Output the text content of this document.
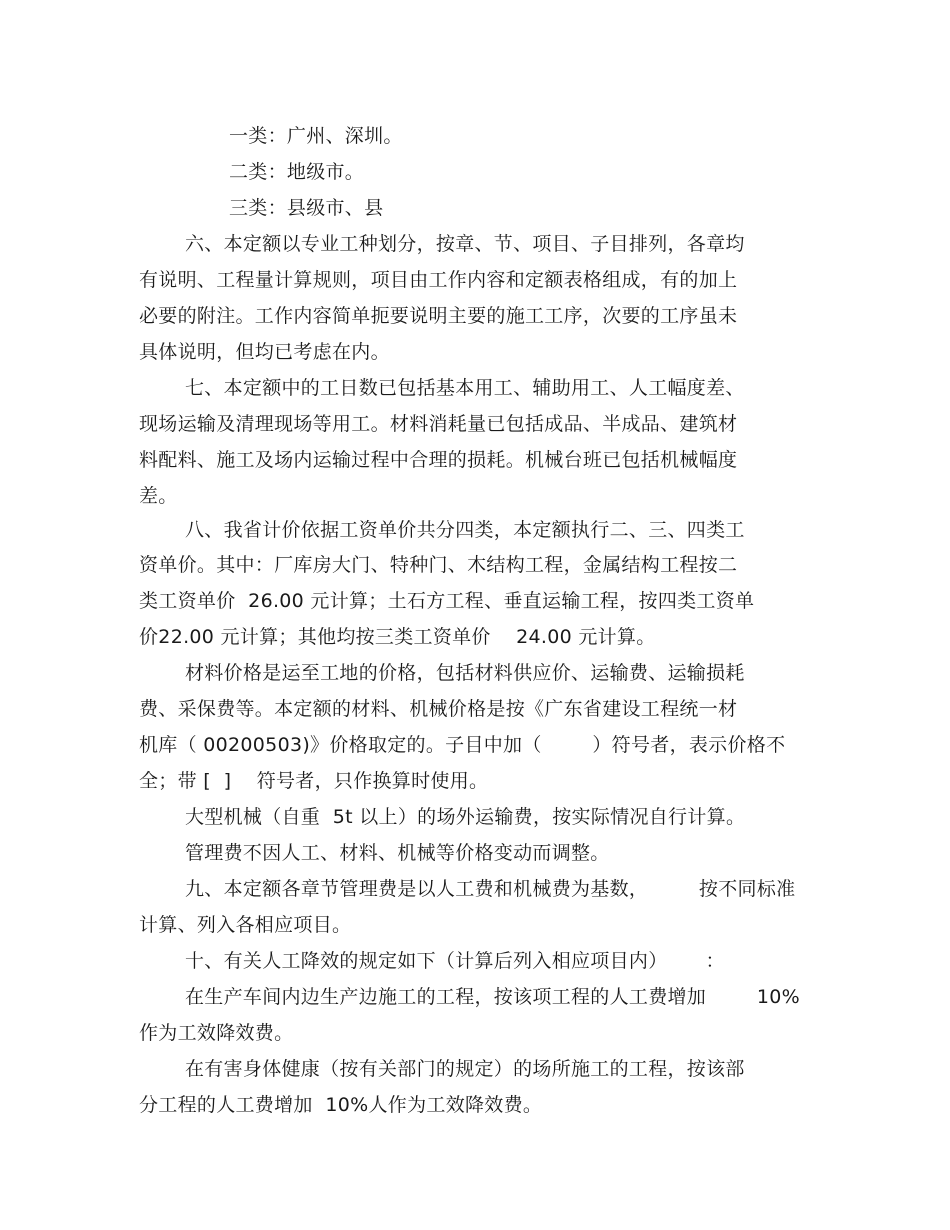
一类：广州、深圳。
二类：地级市。
三类：县级市、县
六、本定额以专业工种划分，按章、节、项目、子目排列，各章均
有说明、工程量计算规则，项目由工作内容和定额表格组成，有的加上
必要的附注。工作内容简单扼要说明主要的施工工序，次要的工序虽未
具体说明，但均已考虑在内。
七、本定额中的工日数已包括基本用工、辅助用工、人工幅度差、
现场运输及清理现场等用工。材料消耗量已包括成品、半成品、建筑材
料配料、施工及场内运输过程中合理的损耗。机械台班已包括机械幅度
差。
八、我省计价依据工资单价共分四类，本定额执行二、三、四类工
资单价。其中：厂库房大门、特种门、木结构工程，金属结构工程按二
类工资单价  26.00 元计算；土石方工程、垂直运输工程，按四类工资单
价22.00 元计算；其他均按三类工资单价    24.00 元计算。
材料价格是运至工地的价格，包括材料供应价、运输费、运输损耗
费、采保费等。本定额的材料、机械价格是按《广东省建设工程统一材
机库（ 00200503)》价格取定的。子目中加（        ）符号者，表示价格不
全；带 [  ]    符号者，只作换算时使用。
大型机械（自重  5t 以上）的场外运输费，按实际情况自行计算。
管理费不因人工、材料、机械等价格变动而调整。
九、本定额各章节管理费是以人工费和机械费为基数，        按不同标准
计算、列入各相应项目。
十、有关人工降效的规定如下（计算后列入相应项目内）      ：
在生产车间内边生产边施工的工程，按该项工程的人工费增加        10%
作为工效降效费。
在有害身体健康（按有关部门的规定）的场所施工的工程，按该部
分工程的人工费增加  10%人作为工效降效费。
